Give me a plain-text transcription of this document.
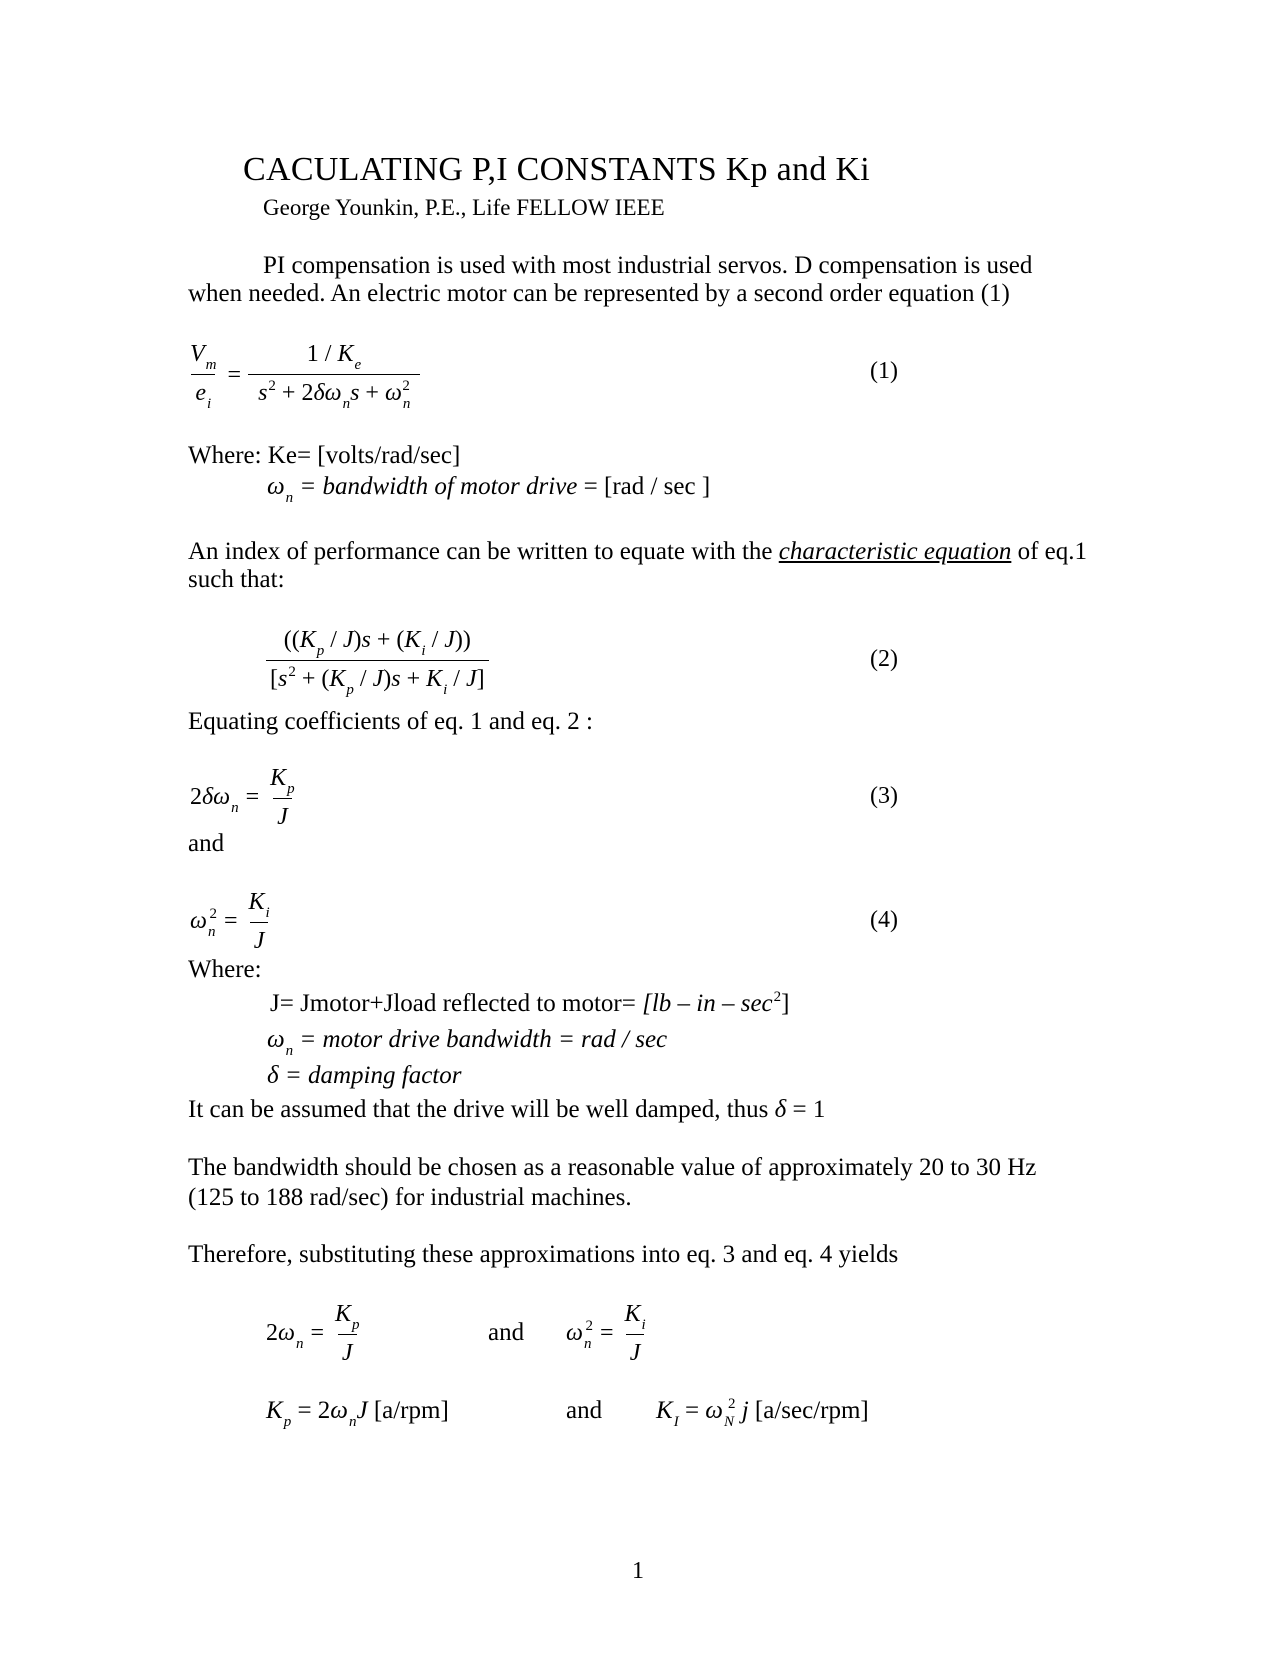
CACULATING P,I CONSTANTS Kp and Ki
George Younkin, P.E., Life FELLOW IEEE
PI compensation is used with most industrial servos. D compensation is used
when needed. An electric motor can be represented by a second order equation (1)
$\frac{V_m}{e_i} = \frac{1 / K_e}{s^2 + 2\delta\omega_ns + \omega_n^2}$	(1)
Where: Ke= [volts/rad/sec]
$\omega_n$ = bandwidth of motor drive = [rad / sec ]
An index of performance can be written to equate with the characteristic equation of eq.1
such that:
$\frac{((K_p / J)s + (K_i / J))}{[s^2 + (K_p / J)s + K_i / J]}$	(2)
Equating coefficients of eq. 1 and eq. 2 :
$2\delta\omega_n = \frac{K_p}{J}$	(3)
and
$\omega_n^2 = \frac{K_i}{J}$	(4)
Where:
J= Jmotor+Jload reflected to motor= [lb – in – $\sec^2$]
$\omega_n$ = motor drive bandwidth = rad / sec
δ = damping factor
It can be assumed that the drive will be well damped, thus δ = 1
The bandwidth should be chosen as a reasonable value of approximately 20 to 30 Hz
(125 to 188 rad/sec) for industrial machines.
Therefore, substituting these approximations into eq. 3 and eq. 4 yields
$2\omega_n = \frac{K_p}{J}$	and $\omega_n^2 = \frac{K_i}{J}$
$K_p = 2\omega_nJ$ [a/rpm]	and $K_I = \omega_N^2$ j [a/sec/rpm]
1
